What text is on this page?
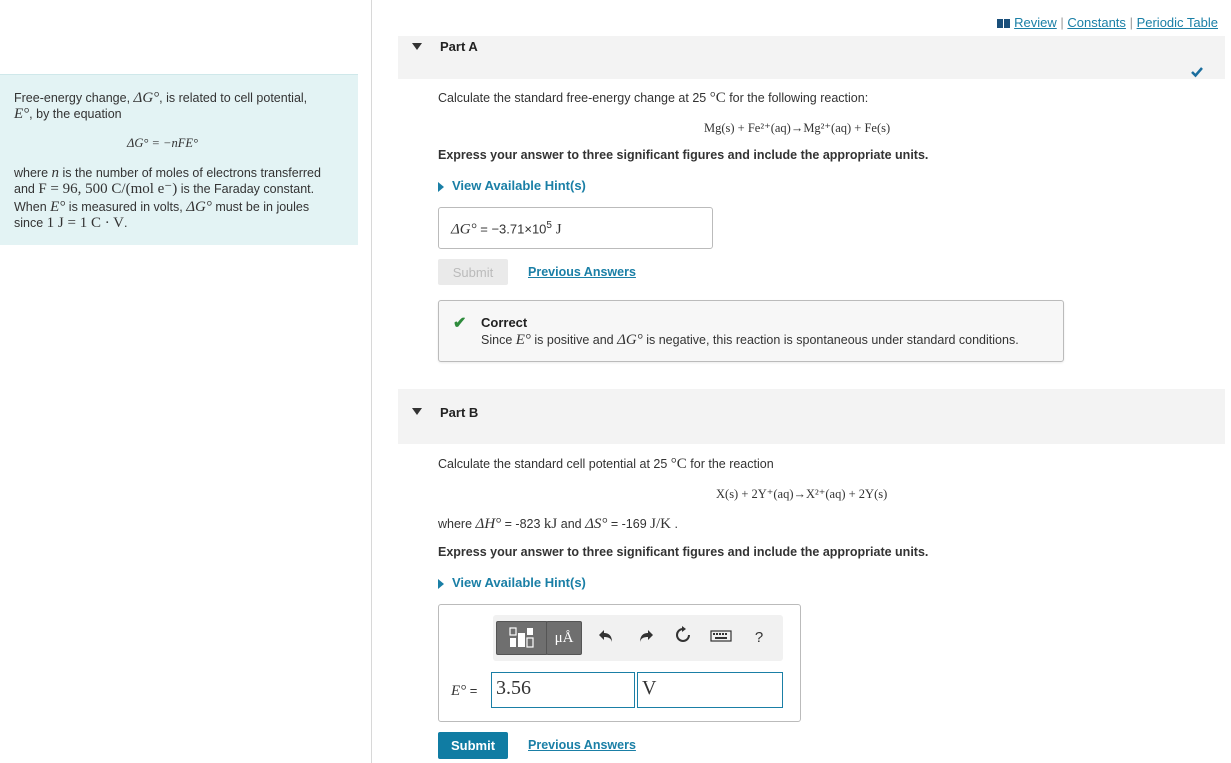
Free-energy change, ΔG°, is related to cell potential,

E°, by the equation

ΔG° = −nFE°

where n is the number of moles of electrons transferred

and F = 96, 500 C/(mol e⁻) is the Faraday constant.

When E° is measured in volts, ΔG° must be in joules

since 1 J = 1 C · V.

Review | Constants | Periodic Table
Part A
Calculate the standard free-energy change at 25 °C for the following reaction:
Mg(s) + Fe²⁺(aq)→Mg²⁺(aq) + Fe(s)
Express your answer to three significant figures and include the appropriate units.
View Available Hint(s)
$\Delta G^\circ = -3.71\times 10^5$ J
Submit	Previous Answers
✔ Correct
Since E° is positive and ΔG° is negative, this reaction is spontaneous under standard conditions.
Part B
Calculate the standard cell potential at 25 °C for the reaction
X(s) + 2Y⁺(aq)→X²⁺(aq) + 2Y(s)
where ΔH° = -823 kJ and ΔS° = -169 J/K .
Express your answer to three significant figures and include the appropriate units.
View Available Hint(s)
μÅ	?
E° = 3.56	V
Submit	Previous Answers
